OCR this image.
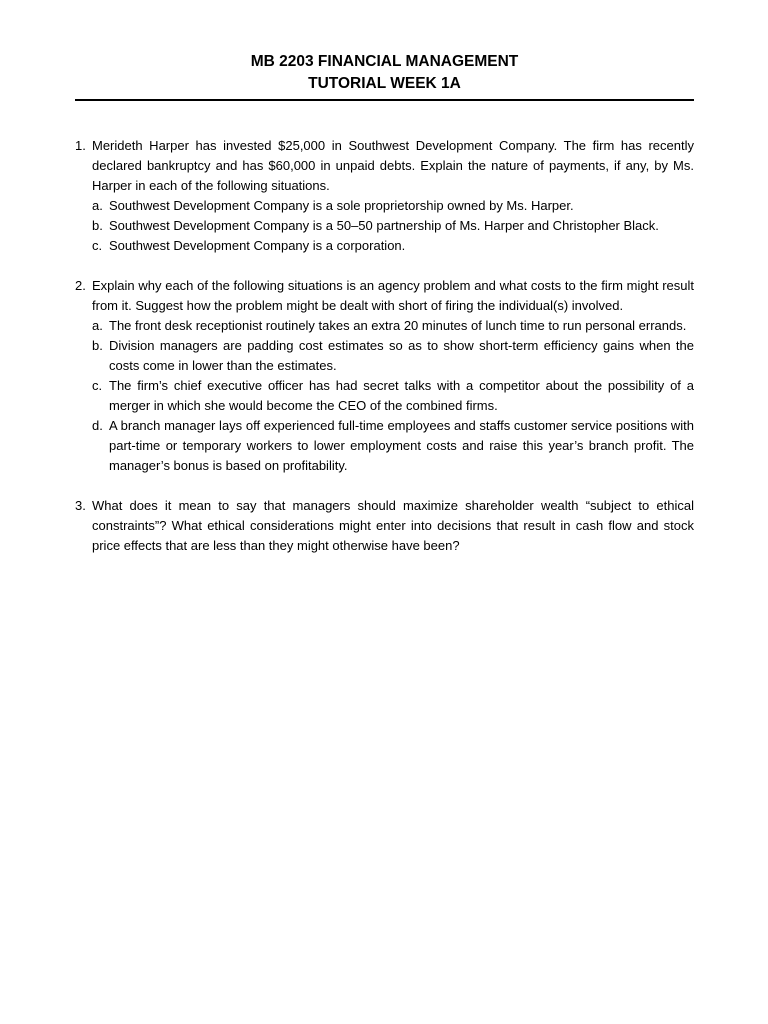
MB 2203 FINANCIAL MANAGEMENT
TUTORIAL WEEK 1A
1. Merideth Harper has invested $25,000 in Southwest Development Company. The firm has recently declared bankruptcy and has $60,000 in unpaid debts. Explain the nature of payments, if any, by Ms. Harper in each of the following situations.
a. Southwest Development Company is a sole proprietorship owned by Ms. Harper.
b. Southwest Development Company is a 50–50 partnership of Ms. Harper and Christopher Black.
c. Southwest Development Company is a corporation.
2. Explain why each of the following situations is an agency problem and what costs to the firm might result from it. Suggest how the problem might be dealt with short of firing the individual(s) involved.
a. The front desk receptionist routinely takes an extra 20 minutes of lunch time to run personal errands.
b. Division managers are padding cost estimates so as to show short-term efficiency gains when the costs come in lower than the estimates.
c. The firm’s chief executive officer has had secret talks with a competitor about the possibility of a merger in which she would become the CEO of the combined firms.
d. A branch manager lays off experienced full-time employees and staffs customer service positions with part-time or temporary workers to lower employment costs and raise this year’s branch profit. The manager’s bonus is based on profitability.
3. What does it mean to say that managers should maximize shareholder wealth “subject to ethical constraints”? What ethical considerations might enter into decisions that result in cash flow and stock price effects that are less than they might otherwise have been?
